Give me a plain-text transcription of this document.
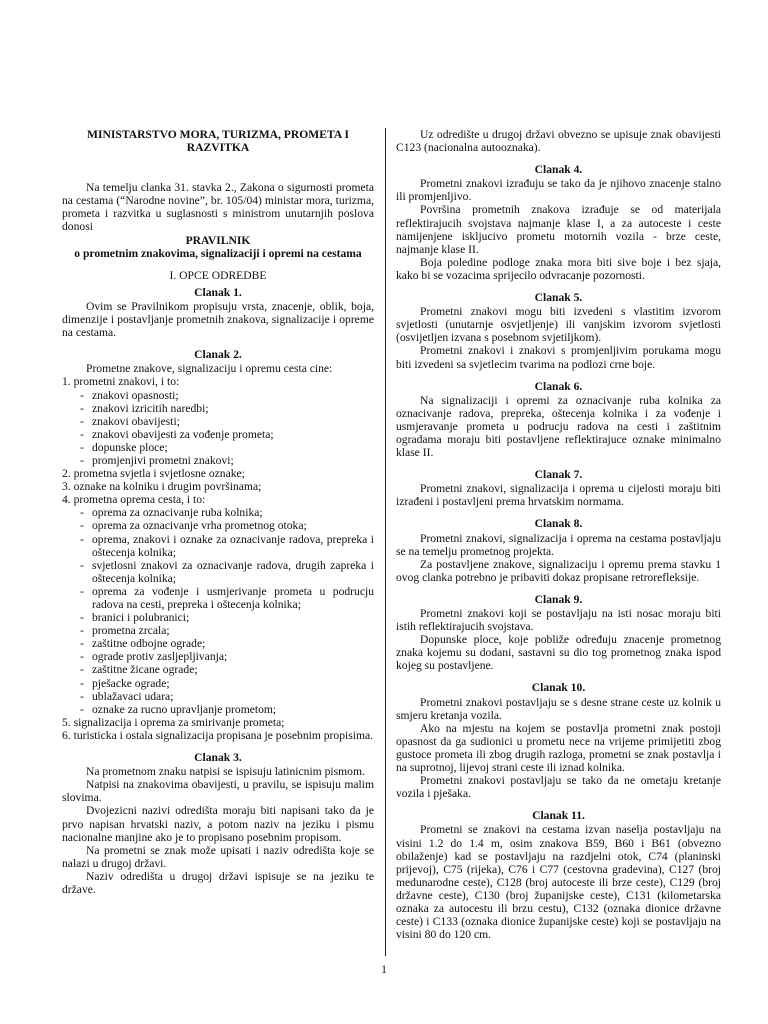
MINISTARSTVO MORA, TURIZMA, PROMETA I RAZVITKA

Na temelju clanka 31. stavka 2., Zakona o sigurnosti prometa na cestama (“Narodne novine”, br. 105/04) ministar mora, turizma, prometa i razvitka u suglasnosti s ministrom unutarnjih poslova donosi

PRAVILNIK

o prometnim znakovima, signalizaciji i opremi na cestama

I. OPCE ODREDBE

Clanak 1.

Ovim se Pravilnikom propisuju vrsta, znacenje, oblik, boja, dimenzije i postavljanje prometnih znakova, signalizacije i opreme na cestama.

Clanak 2.

Prometne znakove, signalizaciju i opremu cesta cine:

1. prometni znakovi, i to:

- znakovi opasnosti;

- znakovi izricitih naredbi;

- znakovi obavijesti;

- znakovi obavijesti za vođenje prometa;

- dopunske ploce;

- promjenjivi prometni znakovi;

2. prometna svjetla i svjetlosne oznake;

3. oznake na kolniku i drugim površinama;

4. prometna oprema cesta, i to:

- oprema za oznacivanje ruba kolnika;

- oprema za oznacivanje vrha prometnog otoka;

- oprema, znakovi i oznake za oznacivanje radova, prepreka i oštecenja kolnika;

- svjetlosni znakovi za oznacivanje radova, drugih zapreka i oštecenja kolnika;

- oprema za vođenje i usmjerivanje prometa u podrucju radova na cesti, prepreka i oštecenja kolnika;

- branici i polubranici;

- prometna zrcala;

- zaštitne odbojne ograde;

- ograde protiv zasljepljivanja;

- zaštitne žicane ograde;

- pješacke ograde;

- ublažavaci udara;

- oznake za rucno upravljanje prometom;

5. signalizacija i oprema za smirivanje prometa;

6. turisticka i ostala signalizacija propisana je posebnim propisima.

Clanak 3.

Na prometnom znaku natpisi se ispisuju latinicnim pismom.

Natpisi na znakovima obavijesti, u pravilu, se ispisuju malim slovima.

Dvojezicni nazivi odredišta moraju biti napisani tako da je prvo napisan hrvatski naziv, a potom naziv na jeziku i pismu nacionalne manjine ako je to propisano posebnim propisom.

Na prometni se znak može upisati i naziv odredišta koje se nalazi u drugoj državi.

Naziv odredišta u drugoj državi ispisuje se na jeziku te države.

Uz odredište u drugoj državi obvezno se upisuje znak obavijesti C123 (nacionalna autooznaka).

Clanak 4.

Prometni znakovi izrađuju se tako da je njihovo znacenje stalno ili promjenljivo.

Površina prometnih znakova izrađuje se od materijala reflektirajucih svojstava najmanje klase I, a za autoceste i ceste namijenjene iskljucivo prometu motornih vozila - brze ceste, najmanje klase II.

Boja poledine podloge znaka mora biti sive boje i bez sjaja, kako bi se vozacima sprijecilo odvracanje pozornosti.

Clanak 5.

Prometni znakovi mogu biti izvedeni s vlastitim izvorom svjetlosti (unutarnje osvjetljenje) ili vanjskim izvorom svjetlosti (osvijetljen izvana s posebnom svjetiljkom).

Prometni znakovi i znakovi s promjenljivim porukama mogu biti izvedeni sa svjetlecim tvarima na podlozi crne boje.

Clanak 6.

Na signalizaciji i opremi za oznacivanje ruba kolnika za oznacivanje radova, prepreka, oštecenja kolnika i za vođenje i usmjeravanje prometa u podrucju radova na cesti i zaštitnim ogradama moraju biti postavljene reflektirajuce oznake minimalno klase II.

Clanak 7.

Prometni znakovi, signalizacija i oprema u cijelosti moraju biti izrađeni i postavljeni prema hrvatskim normama.

Clanak 8.

Prometni znakovi, signalizacija i oprema na cestama postavljaju se na temelju prometnog projekta.

Za postavljene znakove, signalizaciju i opremu prema stavku 1 ovog clanka potrebno je pribaviti dokaz propisane retrorefleksije.

Clanak 9.

Prometni znakovi koji se postavljaju na isti nosac moraju biti istih reflektirajucih svojstava.

Dopunske ploce, koje pobliže određuju znacenje prometnog znaka kojemu su dodani, sastavni su dio tog prometnog znaka ispod kojeg su postavljene.

Clanak 10.

Prometni znakovi postavljaju se s desne strane ceste uz kolnik u smjeru kretanja vozila.

Ako na mjestu na kojem se postavlja prometni znak postoji opasnost da ga sudionici u prometu nece na vrijeme primijetiti zbog gustoce prometa ili zbog drugih razloga, prometni se znak postavlja i na suprotnoj, lijevoj strani ceste ili iznad kolnika.

Prometni znakovi postavljaju se tako da ne ometaju kretanje vozila i pješaka.

Clanak 11.

Prometni se znakovi na cestama izvan naselja postavljaju na visini 1.2 do 1.4 m, osim znakova B59, B60 i B61 (obvezno obilaženje) kad se postavljaju na razdjelni otok, C74 (planinski prijevoj), C75 (rijeka), C76 i C77 (cestovna gradevina), C127 (broj medunarodne ceste), C128 (broj autoceste ili brze ceste), C129 (broj državne ceste), C130 (broj županijske ceste), C131 (kilometarska oznaka za autocestu ili brzu cestu), C132 (oznaka dionice državne ceste) i C133 (oznaka dionice županijske ceste) koji se postavljaju na visini 80 do 120 cm.

1
